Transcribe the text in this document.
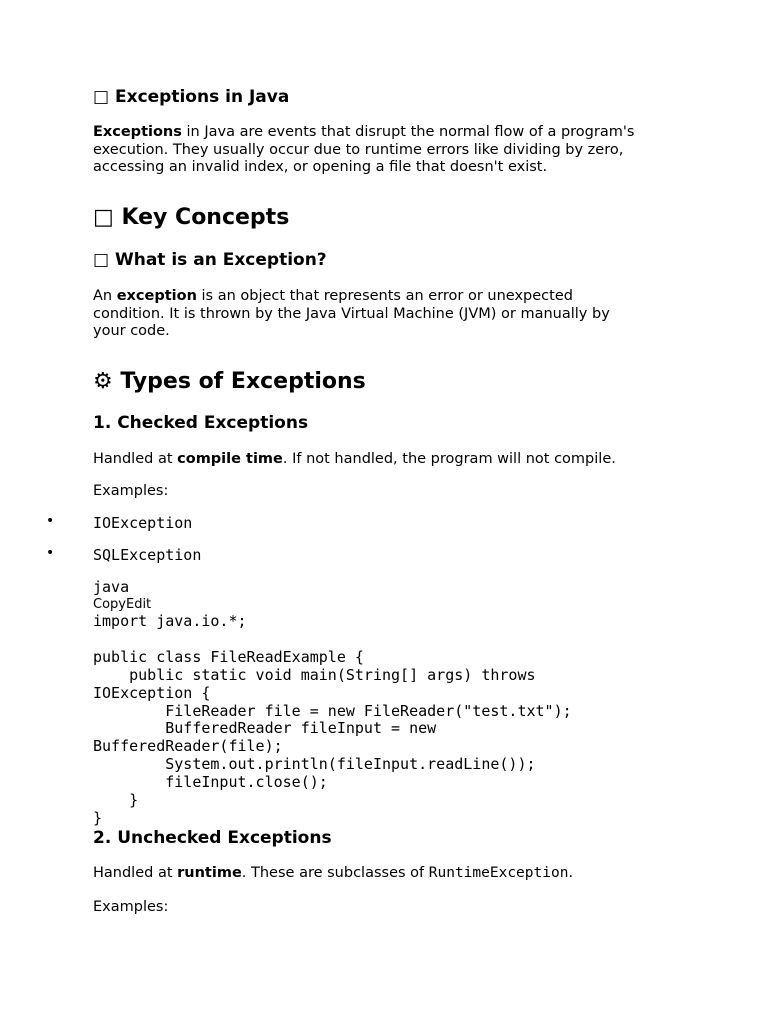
□ Exceptions in Java

Exceptions in Java are events that disrupt the normal flow of a program's
execution. They usually occur due to runtime errors like dividing by zero,
accessing an invalid index, or opening a file that doesn't exist.

□ Key Concepts
□ What is an Exception?

An exception is an object that represents an error or unexpected
condition. It is thrown by the Java Virtual Machine (JVM) or manually by
your code.

⚙ Types of Exceptions
1. Checked Exceptions

Handled at compile time. If not handled, the program will not compile.

Examples:

•	IOException
•	SQLException
java
CopyEdit
import java.io.*;

public class FileReadExample {
public static void main(String[] args) throws
IOException {
FileReader file = new FileReader("test.txt");
BufferedReader fileInput = new
BufferedReader(file);
System.out.println(fileInput.readLine());
fileInput.close();
}
}
2. Unchecked Exceptions

Handled at runtime. These are subclasses of RuntimeException.

Examples:
